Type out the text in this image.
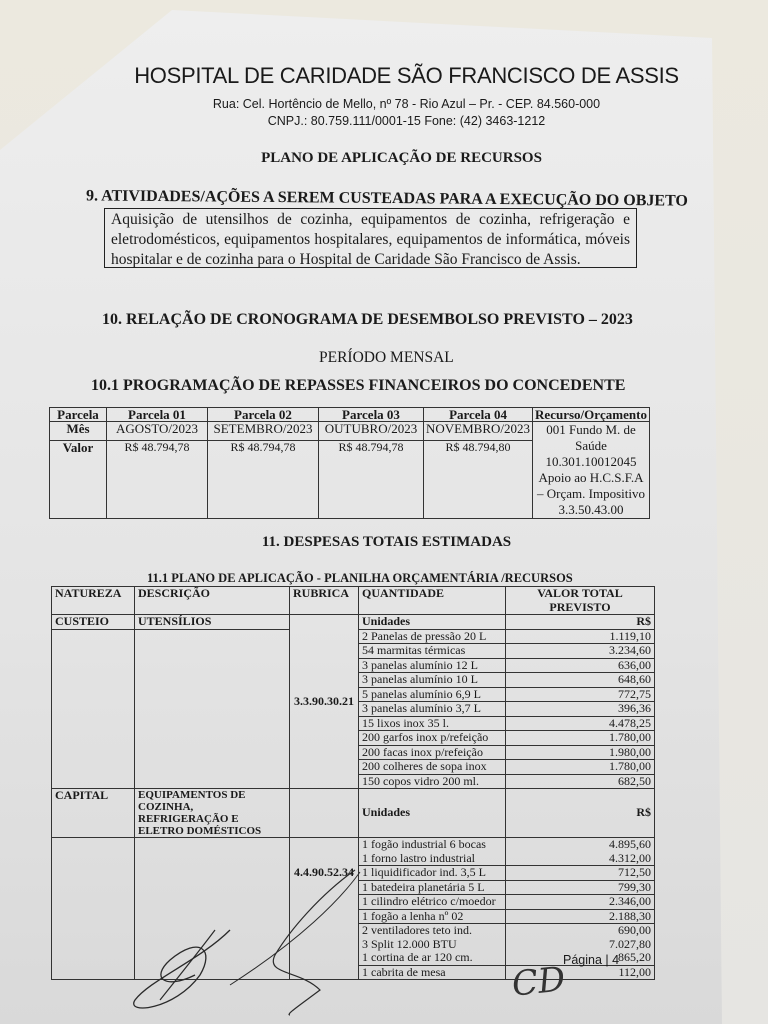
HOSPITAL DE CARIDADE SÃO FRANCISCO DE ASSIS
Rua: Cel. Hortêncio de Mello, nº 78 - Rio Azul – Pr. - CEP. 84.560-000
CNPJ.: 80.759.111/0001-15 Fone: (42) 3463-1212
PLANO DE APLICAÇÃO DE RECURSOS
9. ATIVIDADES/AÇÕES A SEREM CUSTEADAS PARA A EXECUÇÃO DO OBJETO
Aquisição de utensilhos de cozinha, equipamentos de cozinha, refrigeração e eletrodomésticos, equipamentos hospitalares, equipamentos de informática, móveis hospitalar e de cozinha para o Hospital de Caridade São Francisco de Assis.
10. RELAÇÃO DE CRONOGRAMA DE DESEMBOLSO PREVISTO – 2023
PERÍODO MENSAL
10.1 PROGRAMAÇÃO DE REPASSES FINANCEIROS DO CONCEDENTE
Parcela	Parcela 01	Parcela 02	Parcela 03	Parcela 04	Recurso/Orçamento
Mês	AGOSTO/2023	SETEMBRO/2023	OUTUBRO/2023	NOVEMBRO/2023	001 Fundo M. de
Saúde
10.301.10012045
Apoio ao H.C.S.F.A
– Orçam. Impositivo
3.3.50.43.00

Valor	R$ 48.794,78	R$ 48.794,78	R$ 48.794,78	R$ 48.794,80	
11. DESPESAS TOTAIS ESTIMADAS
11.1 PLANO DE APLICAÇÃO - PLANILHA ORÇAMENTÁRIA /RECURSOS
NATUREZA	DESCRIÇÃO	RUBRICA	QUANTIDADE	VALOR TOTAL PREVISTO
CUSTEIO	UTENSÍLIOS	3.3.90.30.21	Unidades	R$
			2 Panelas de pressão 20 L	1.119,10
			54 marmitas térmicas	3.234,60
			3 panelas alumínio 12 L	636,00
			3 panelas alumínio 10 L	648,60
			5 panelas alumínio 6,9 L	772,75
			3 panelas alumínio 3,7 L	396,36
			15 lixos inox 35 l.	4.478,25
			200 garfos inox p/refeição	1.780,00
			200 facas inox p/refeição	1.980,00
			200 colheres de sopa inox	1.780,00
			150 copos vidro 200 ml.	682,50
CAPITAL	EQUIPAMENTOS DE COZINHA, REFRIGERAÇÃO E ELETRO DOMÉSTICOS		Unidades	R$
		4.4.90.52.34	1 fogão industrial 6 bocas	4.895,60
			1 forno lastro industrial	4.312,00
			1 liquidificador ind. 3,5 L	712,50
			1 batedeira planetária 5 L	799,30
			1 cilindro elétrico c/moedor	2.346,00
			1 fogão a lenha nº 02	2.188,30
			2 ventiladores teto ind.	690,00
			3 Split 12.000 BTU	7.027,80
			1 cortina de ar 120 cm.	865,20
			1 cabrita de mesa	112,00
Página | 4
CD
